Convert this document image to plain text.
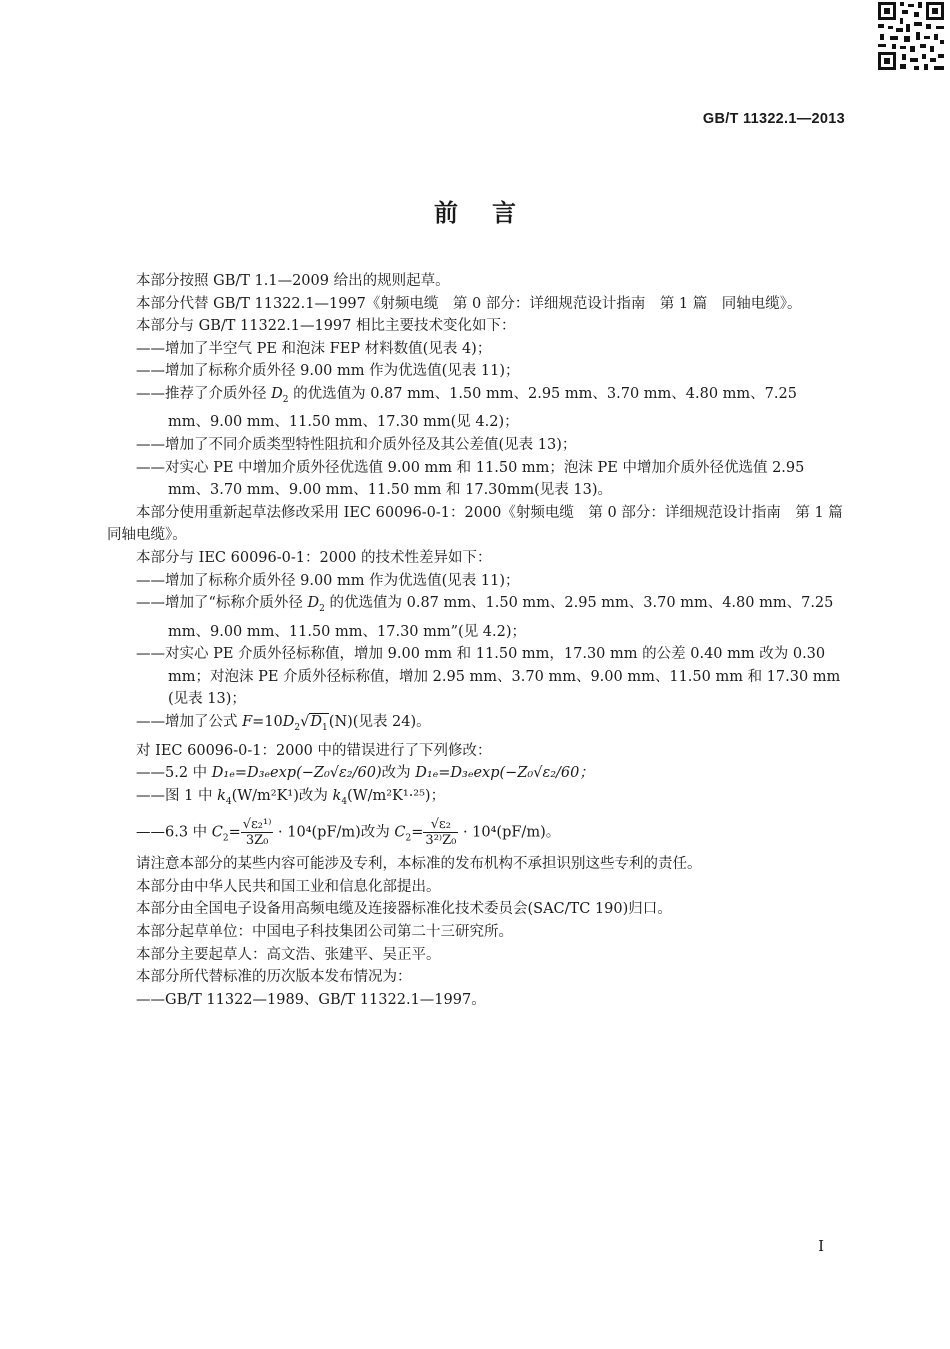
GB/T 11322.1—2013
前言

本部分按照 GB/T 1.1—2009 给出的规则起草。

本部分代替 GB/T 11322.1—1997《射频电缆　第 0 部分：详细规范设计指南　第 1 篇　同轴电缆》。

本部分与 GB/T 11322.1—1997 相比主要技术变化如下：

——增加了半空气 PE 和泡沫 FEP 材料数值(见表 4)；

——增加了标称介质外径 9.00 mm 作为优选值(见表 11)；

——推荐了介质外径 $D_2$ 的优选值为 0.87 mm、1.50 mm、2.95 mm、3.70 mm、4.80 mm、7.25 mm、9.00 mm、11.50 mm、17.30 mm(见 4.2)；

——增加了不同介质类型特性阻抗和介质外径及其公差值(见表 13)；

——对实心 PE 中增加介质外径优选值 9.00 mm 和 11.50 mm；泡沫 PE 中增加介质外径优选值 2.95 mm、3.70 mm、9.00 mm、11.50 mm 和 17.30mm(见表 13)。

本部分使用重新起草法修改采用 IEC 60096-0-1：2000《射频电缆　第 0 部分：详细规范设计指南　第 1 篇　同轴电缆》。

本部分与 IEC 60096-0-1：2000 的技术性差异如下：

——增加了标称介质外径 9.00 mm 作为优选值(见表 11)；

——增加了“标称介质外径 $D_2$ 的优选值为 0.87 mm、1.50 mm、2.95 mm、3.70 mm、4.80 mm、7.25 mm、9.00 mm、11.50 mm、17.30 mm”(见 4.2)；

——对实心 PE 介质外径标称值，增加 9.00 mm 和 11.50 mm，17.30 mm 的公差 0.40 mm 改为 0.30 mm；对泡沫 PE 介质外径标称值，增加 2.95 mm、3.70 mm、9.00 mm、11.50 mm 和 17.30 mm (见表 13)；

——增加了公式 $F=10D_2√D_1(N)$(见表 24)。

对 IEC 60096-0-1：2000 中的错误进行了下列修改：

——5.2 中 D₁ₑ=D₃ₑexp(−Z₀√ε₂/60)改为 D₁ₑ=D₃ₑexp(−Z₀√ε₂/60；

——图 1 中 $k_4(W/m^2K^1)$改为 $k_4(W/m^2K^1\cdot^{25})$；

——6.3 中 $C_2= \frac{\text{√ε₂¹⁾}}{\text{3Z₀}} \cdot 10^4(pF/m)$改为 $C_2= \frac{\text{√ε₂}}{\text{3²⁾Z₀}} \cdot 10^4(pF/m)$。

请注意本部分的某些内容可能涉及专利，本标准的发布机构不承担识别这些专利的责任。

本部分由中华人民共和国工业和信息化部提出。

本部分由全国电子设备用高频电缆及连接器标准化技术委员会(SAC/TC 190)归口。

本部分起草单位：中国电子科技集团公司第二十三研究所。

本部分主要起草人：高文浩、张建平、吴正平。

本部分所代替标准的历次版本发布情况为：

——GB/T 11322—1989、GB/T 11322.1—1997。

I
